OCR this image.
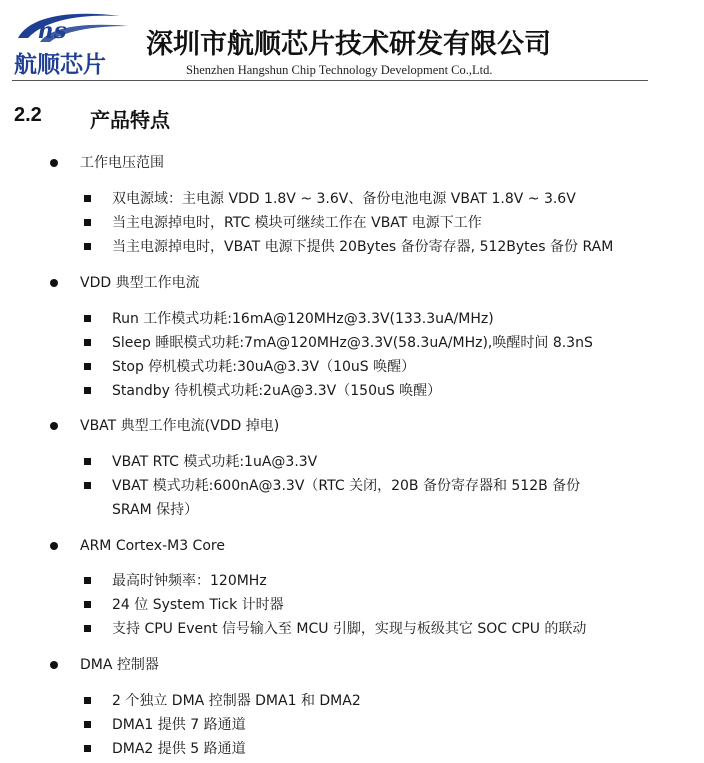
hs
航顺芯片
深圳市航顺芯片技术研发有限公司
Shenzhen Hangshun Chip Technology Development Co.,Ltd.
2.2 产品特点
工作电压范围
双电源域：主电源 VDD 1.8V ~ 3.6V、备份电池电源 VBAT 1.8V ~ 3.6V
当主电源掉电时，RTC 模块可继续工作在 VBAT 电源下工作
当主电源掉电时，VBAT 电源下提供 20Bytes 备份寄存器, 512Bytes 备份 RAM
VDD 典型工作电流
Run 工作模式功耗:16mA@120MHz@3.3V(133.3uA/MHz)
Sleep 睡眠模式功耗:7mA@120MHz@3.3V(58.3uA/MHz),唤醒时间 8.3nS
Stop 停机模式功耗:30uA@3.3V（10uS 唤醒）
Standby 待机模式功耗:2uA@3.3V（150uS 唤醒）
VBAT 典型工作电流(VDD 掉电)
VBAT RTC 模式功耗:1uA@3.3V
VBAT 模式功耗:600nA@3.3V（RTC 关闭，20B 备份寄存器和 512B 备份
SRAM 保持）
ARM Cortex-M3 Core
最高时钟频率：120MHz
24 位 System Tick 计时器
支持 CPU Event 信号输入至 MCU 引脚，实现与板级其它 SOC CPU 的联动
DMA 控制器
2 个独立 DMA 控制器 DMA1 和 DMA2
DMA1 提供 7 路通道
DMA2 提供 5 路通道
